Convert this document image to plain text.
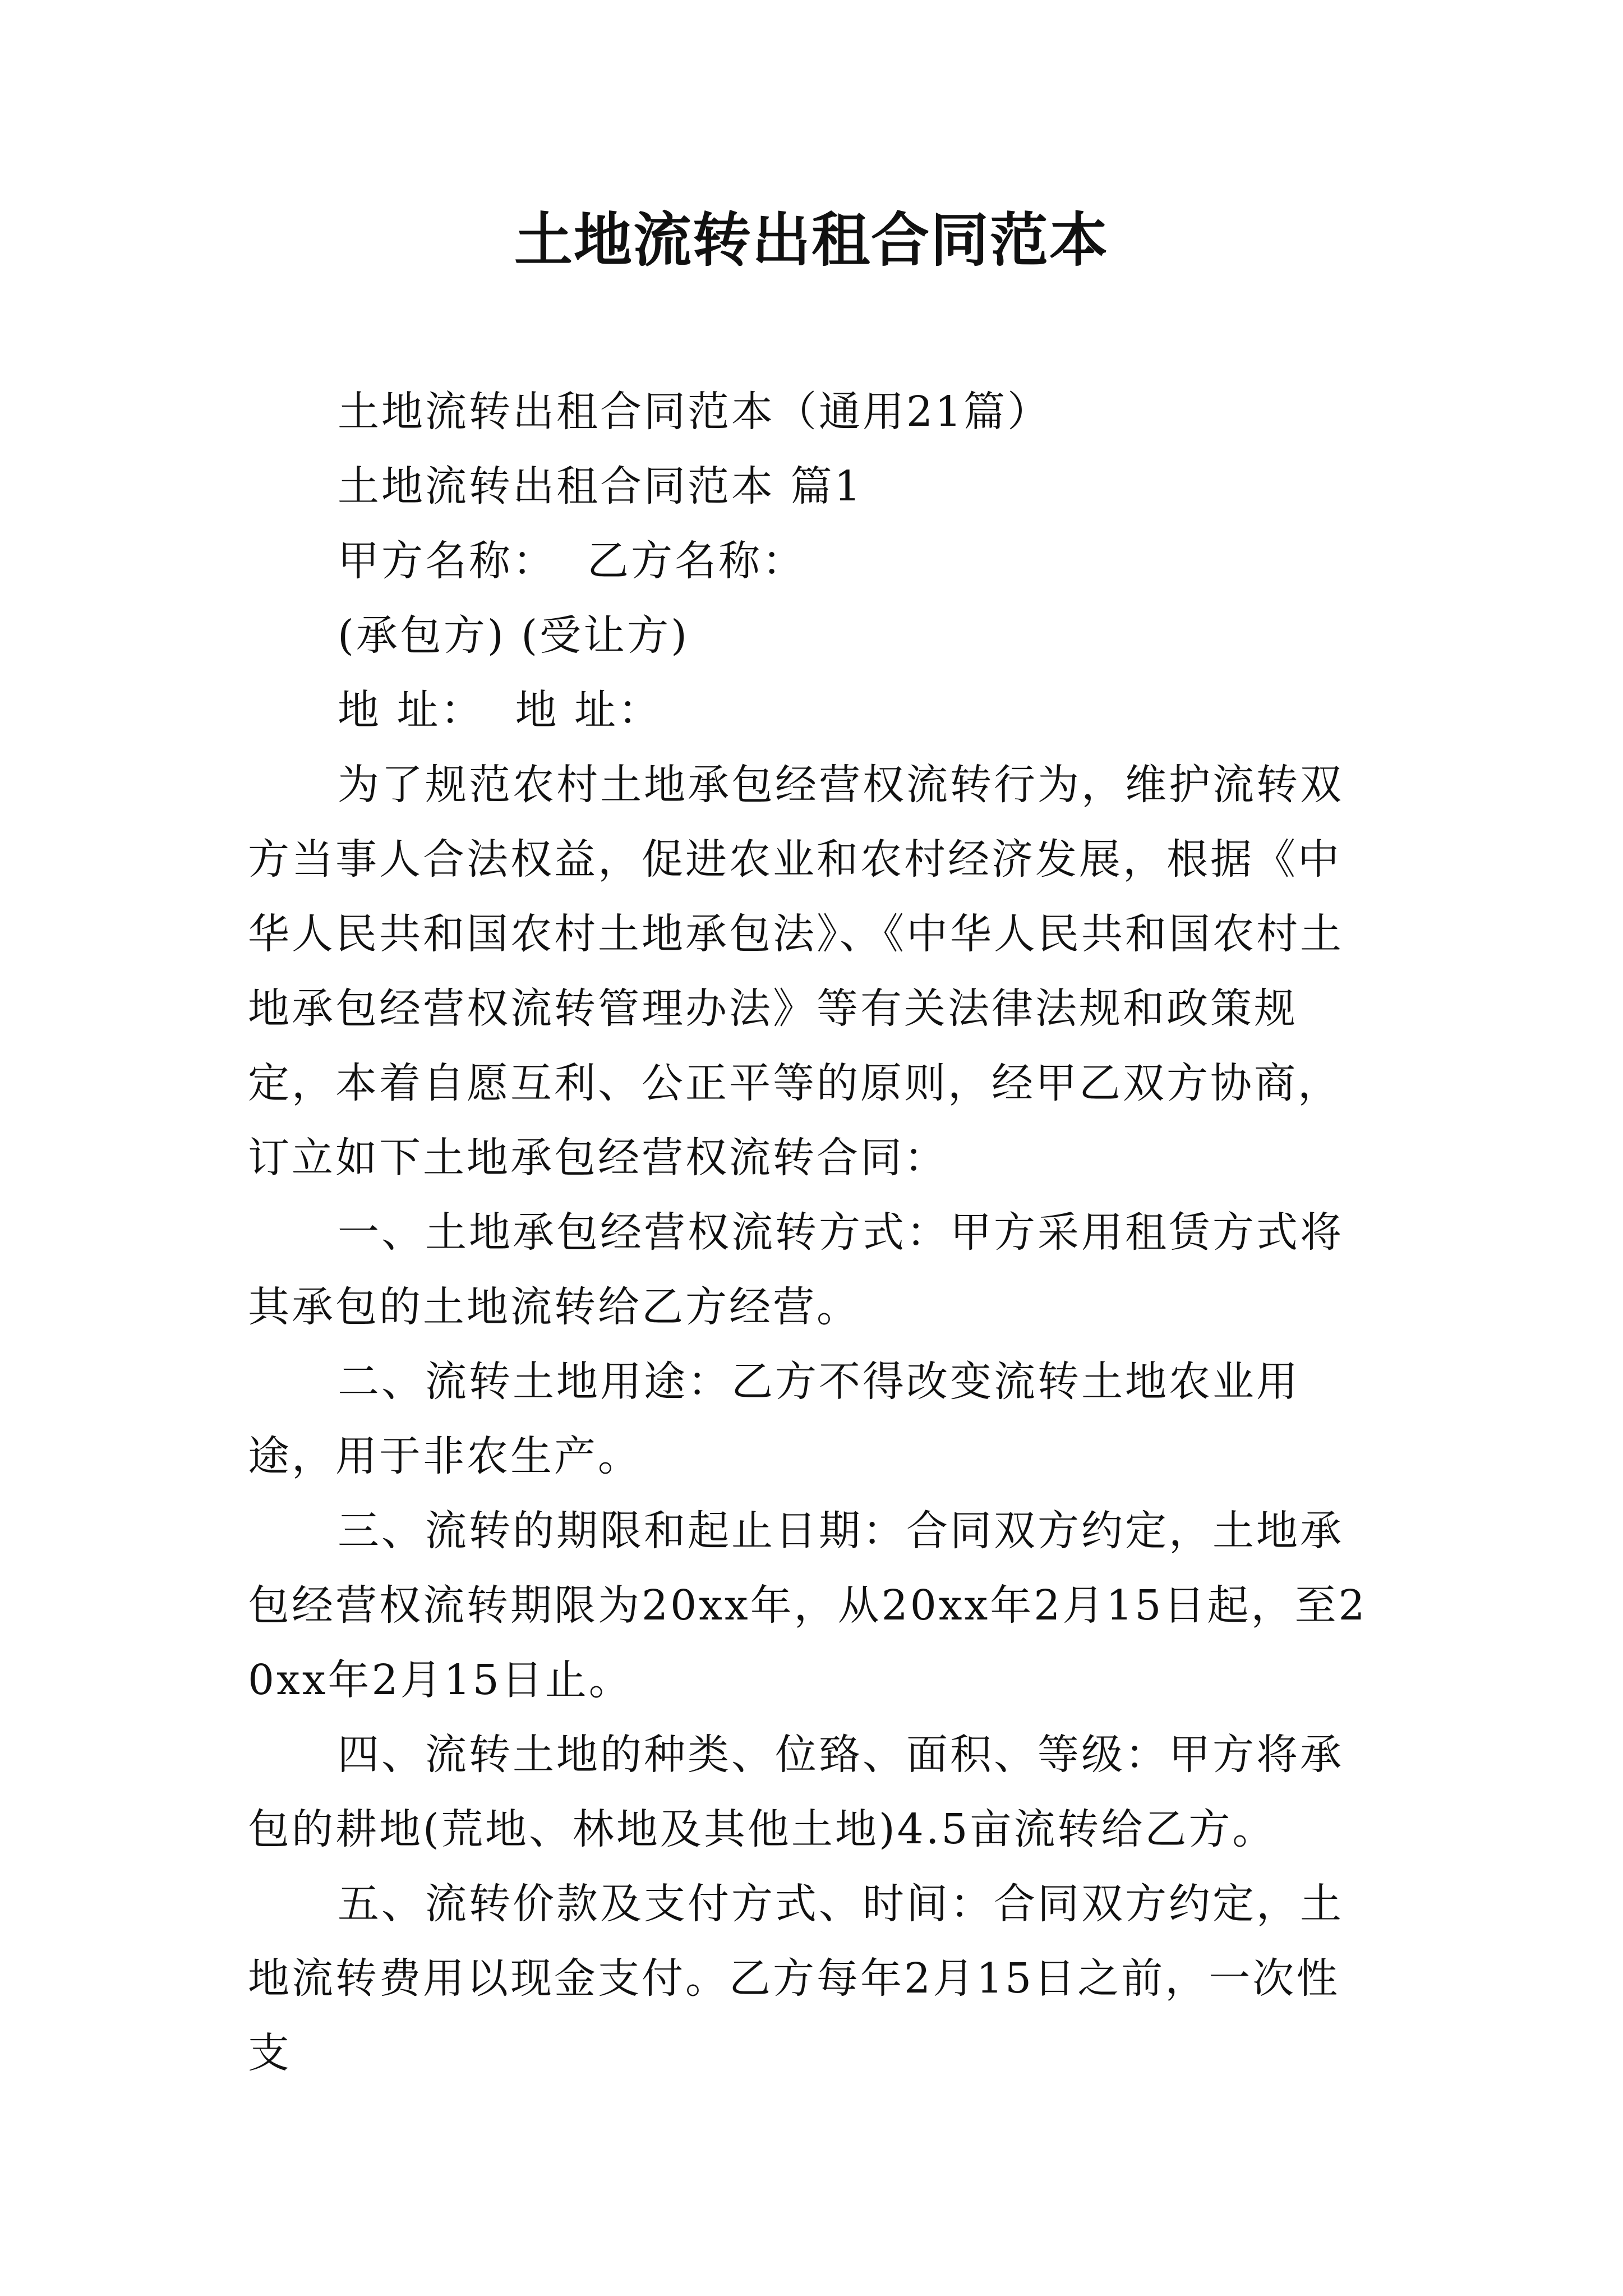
土地流转出租合同范本

土地流转出租合同范本（通用21篇）

土地流转出租合同范本 篇1

甲方名称：  乙方名称：

(承包方) (受让方)

地 址：  地 址：

为了规范农村土地承包经营权流转行为，维护流转双方当事人合法权益，促进农业和农村经济发展，根据《中华人民共和国农村土地承包法》、《中华人民共和国农村土地承包经营权流转管理办法》等有关法律法规和政策规定，本着自愿互利、公正平等的原则，经甲乙双方协商，订立如下土地承包经营权流转合同：

一、土地承包经营权流转方式：甲方采用租赁方式将其承包的土地流转给乙方经营。

二、流转土地用途：乙方不得改变流转土地农业用途，用于非农生产。

三、流转的期限和起止日期：合同双方约定，土地承包经营权流转期限为20xx年，从20xx年2月15日起，至20xx年2月15日止。

四、流转土地的种类、位臵、面积、等级：甲方将承包的耕地(荒地、林地及其他土地)4.5亩流转给乙方。

五、流转价款及支付方式、时间：合同双方约定，土地流转费用以现金支付。乙方每年2月15日之前，一次性支
